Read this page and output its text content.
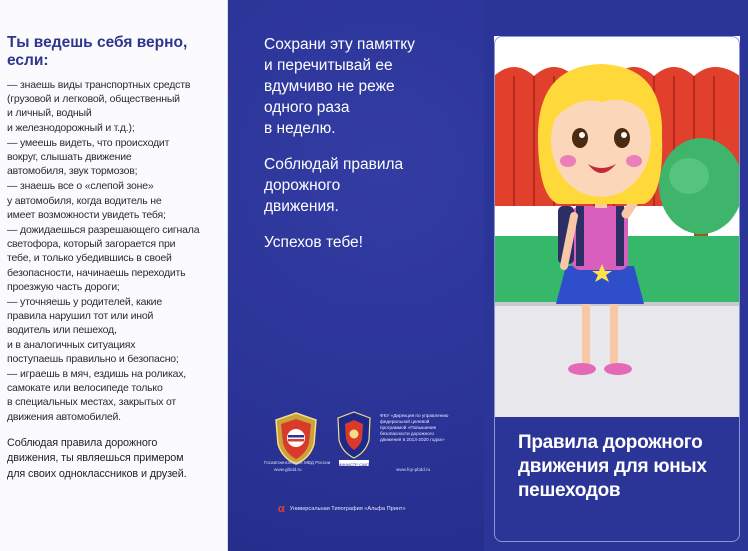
Ты ведешь себя верно,
если:
— знаешь виды транспортных средств
(грузовой и легковой, общественный
и личный, водный
и железнодорожный и т.д.);
— умеешь видеть, что происходит
вокруг, слышать движение
автомобиля, звук тормозов;
— знаешь все о «слепой зоне»
у автомобиля, когда водитель не
имеет возможности увидеть тебя;
— дожидаешься разрешающего сигнала
светофора, который загорается при
тебе, и только убедившись в своей
безопасности, начинаешь переходить
проезжую часть дороги;
— уточняешь у родителей, какие
правила нарушил тот или иной
водитель или пешеход,
и в аналогичных ситуациях
поступаешь правильно и безопасно;
— играешь в мяч, ездишь на роликах,
самокате или велосипеде только
в специальных местах, закрытых от
движения автомобилей.

Соблюдая правила дорожного
движения, ты являешься примером
для своих одноклассников и друзей.

Сохрани эту памятку
и перечитывай ее
вдумчиво не реже
одного раза
в неделю.

Соблюдай правила
дорожного
движения.

Успехов тебе!

Госавтоинспекция МВД России
www.gibdd.ru
МИНИСТР СЧИТАЕТ

ФКУ «Дирекция по управлению
федеральной целевой
программой «Повышение
безопасности дорожного
движения в 2013-2020 годах»

www.fcp-pbdd.ru
α Универсальная Типография «Альфа Принт»
Правила дорожного
движения для юных
пешеходов
